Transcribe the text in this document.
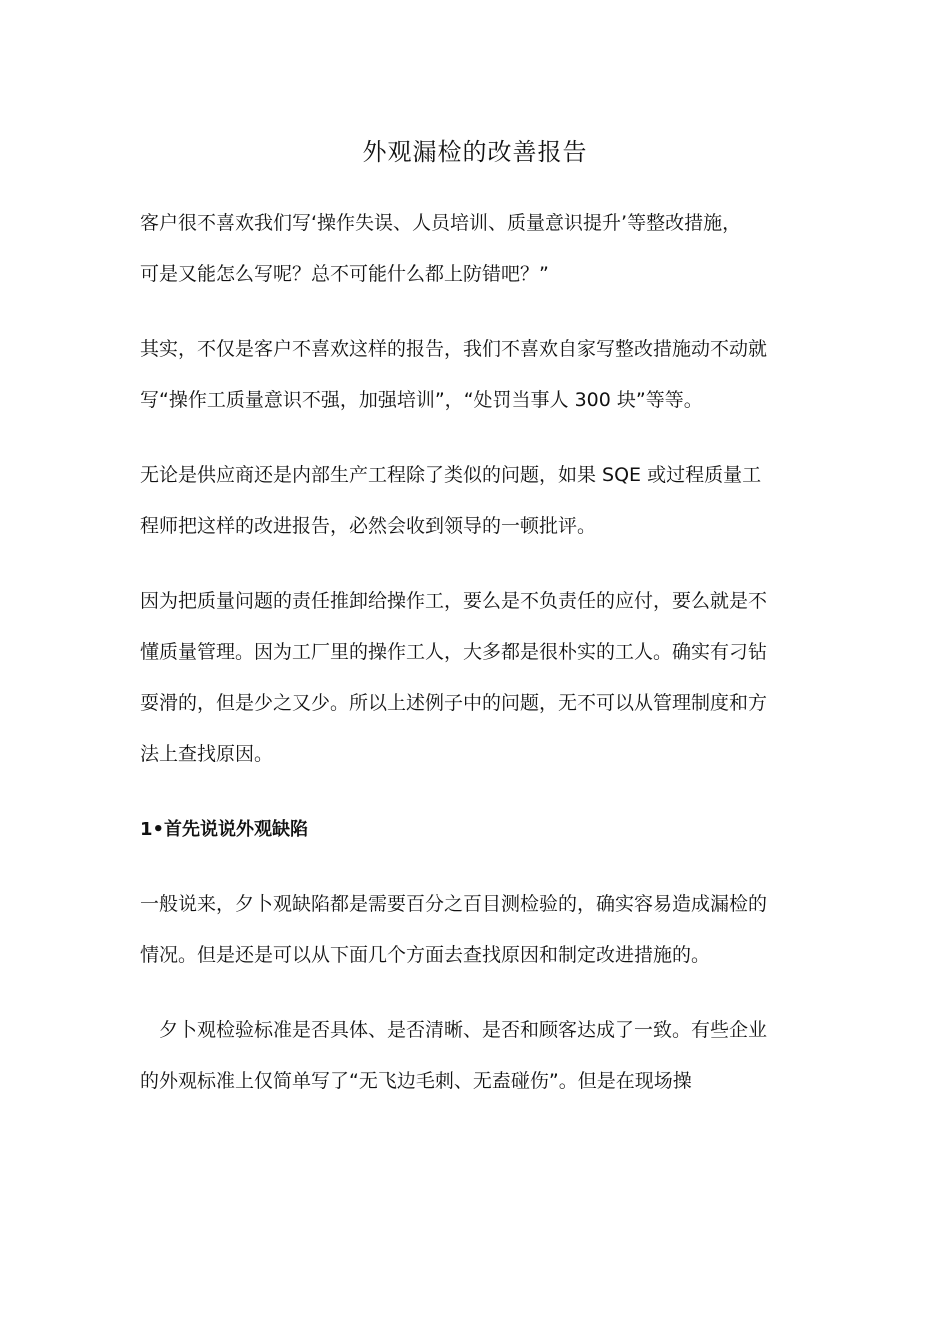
外观漏检的改善报告
客户很不喜欢我们写‘操作失误、人员培训、质量意识提升’等整改措施，
可是又能怎么写呢？总不可能什么都上防错吧？”
其实，不仅是客户不喜欢这样的报告，我们不喜欢自家写整改措施动不动就
写“操作工质量意识不强，加强培训”，“处罚当事人 300 块”等等。
无论是供应商还是内部生产工程除了类似的问题，如果 SQE 或过程质量工
程师把这样的改进报告，必然会收到领导的一顿批评。
因为把质量问题的责任推卸给操作工，要么是不负责任的应付，要么就是不
懂质量管理。因为工厂里的操作工人，大多都是很朴实的工人。确实有刁钻
耍滑的，但是少之又少。所以上述例子中的问题，无不可以从管理制度和方
法上查找原因。
1•首先说说外观缺陷
一般说来，夕卜观缺陷都是需要百分之百目测检验的，确实容易造成漏检的
情况。但是还是可以从下面几个方面去查找原因和制定改进措施的。
　夕卜观检验标准是否具体、是否清晰、是否和顾客达成了一致。有些企业
的外观标准上仅简单写了“无飞边毛刺、无盍碰伤”。但是在现场操
